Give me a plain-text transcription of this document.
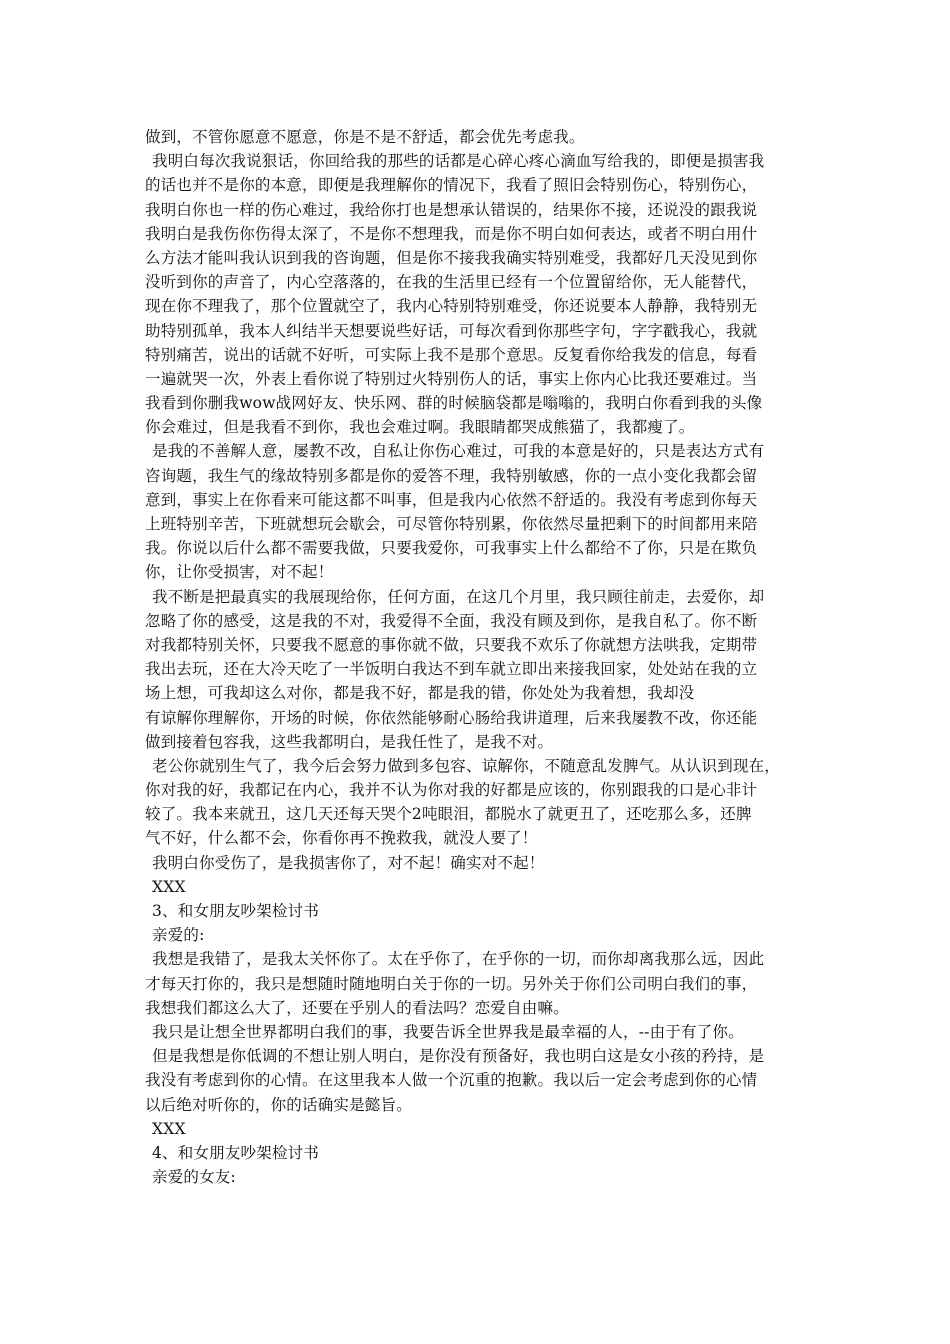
做到，不管你愿意不愿意，你是不是不舒适，都会优先考虑我。
我明白每次我说狠话，你回给我的那些的话都是心碎心疼心滴血写给我的，即便是损害我
的话也并不是你的本意，即便是我理解你的情况下，我看了照旧会特别伤心，特别伤心，
我明白你也一样的伤心难过，我给你打也是想承认错误的，结果你不接，还说没的跟我说
我明白是我伤你伤得太深了，不是你不想理我，而是你不明白如何表达，或者不明白用什
么方法才能叫我认识到我的咨询题，但是你不接我我确实特别难受，我都好几天没见到你
没听到你的声音了，内心空落落的，在我的生活里已经有一个位置留给你，无人能替代，
现在你不理我了，那个位置就空了，我内心特别特别难受，你还说要本人静静，我特别无
助特别孤单，我本人纠结半天想要说些好话，可每次看到你那些字句，字字戳我心，我就
特别痛苦，说出的话就不好听，可实际上我不是那个意思。反复看你给我发的信息，每看
一遍就哭一次，外表上看你说了特别过火特别伤人的话，事实上你内心比我还要难过。当
我看到你删我wow战网好友、快乐网、群的时候脑袋都是嗡嗡的，我明白你看到我的头像
你会难过，但是我看不到你，我也会难过啊。我眼睛都哭成熊猫了，我都瘦了。
是我的不善解人意，屡教不改，自私让你伤心难过，可我的本意是好的，只是表达方式有
咨询题，我生气的缘故特别多都是你的爱答不理，我特别敏感，你的一点小变化我都会留
意到，事实上在你看来可能这都不叫事，但是我内心依然不舒适的。我没有考虑到你每天
上班特别辛苦，下班就想玩会歇会，可尽管你特别累，你依然尽量把剩下的时间都用来陪
我。你说以后什么都不需要我做，只要我爱你，可我事实上什么都给不了你，只是在欺负
你，让你受损害，对不起！
我不断是把最真实的我展现给你，任何方面，在这几个月里，我只顾往前走，去爱你，却
忽略了你的感受，这是我的不对，我爱得不全面，我没有顾及到你，是我自私了。你不断
对我都特别关怀，只要我不愿意的事你就不做，只要我不欢乐了你就想方法哄我，定期带
我出去玩，还在大冷天吃了一半饭明白我达不到车就立即出来接我回家，处处站在我的立
场上想，可我却这么对你，都是我不好，都是我的错，你处处为我着想，我却没
有谅解你理解你，开场的时候，你依然能够耐心肠给我讲道理，后来我屡教不改，你还能
做到接着包容我，这些我都明白，是我任性了，是我不对。
老公你就别生气了，我今后会努力做到多包容、谅解你，不随意乱发脾气。从认识到现在，
你对我的好，我都记在内心，我并不认为你对我的好都是应该的，你别跟我的口是心非计
较了。我本来就丑，这几天还每天哭个2吨眼泪，都脱水了就更丑了，还吃那么多，还脾
气不好，什么都不会，你看你再不挽救我，就没人要了！
我明白你受伤了，是我损害你了，对不起！确实对不起！
XXX
3、和女朋友吵架检讨书
亲爱的:
我想是我错了，是我太关怀你了。太在乎你了，在乎你的一切，而你却离我那么远，因此
才每天打你的，我只是想随时随地明白关于你的一切。另外关于你们公司明白我们的事，
我想我们都这么大了，还要在乎别人的看法吗？恋爱自由嘛。
我只是让想全世界都明白我们的事，我要告诉全世界我是最幸福的人，--由于有了你。
但是我想是你低调的不想让别人明白，是你没有预备好，我也明白这是女小孩的矜持，是
我没有考虑到你的心情。在这里我本人做一个沉重的抱歉。我以后一定会考虑到你的心情
以后绝对听你的，你的话确实是懿旨。
XXX
4、和女朋友吵架检讨书
亲爱的女友:
